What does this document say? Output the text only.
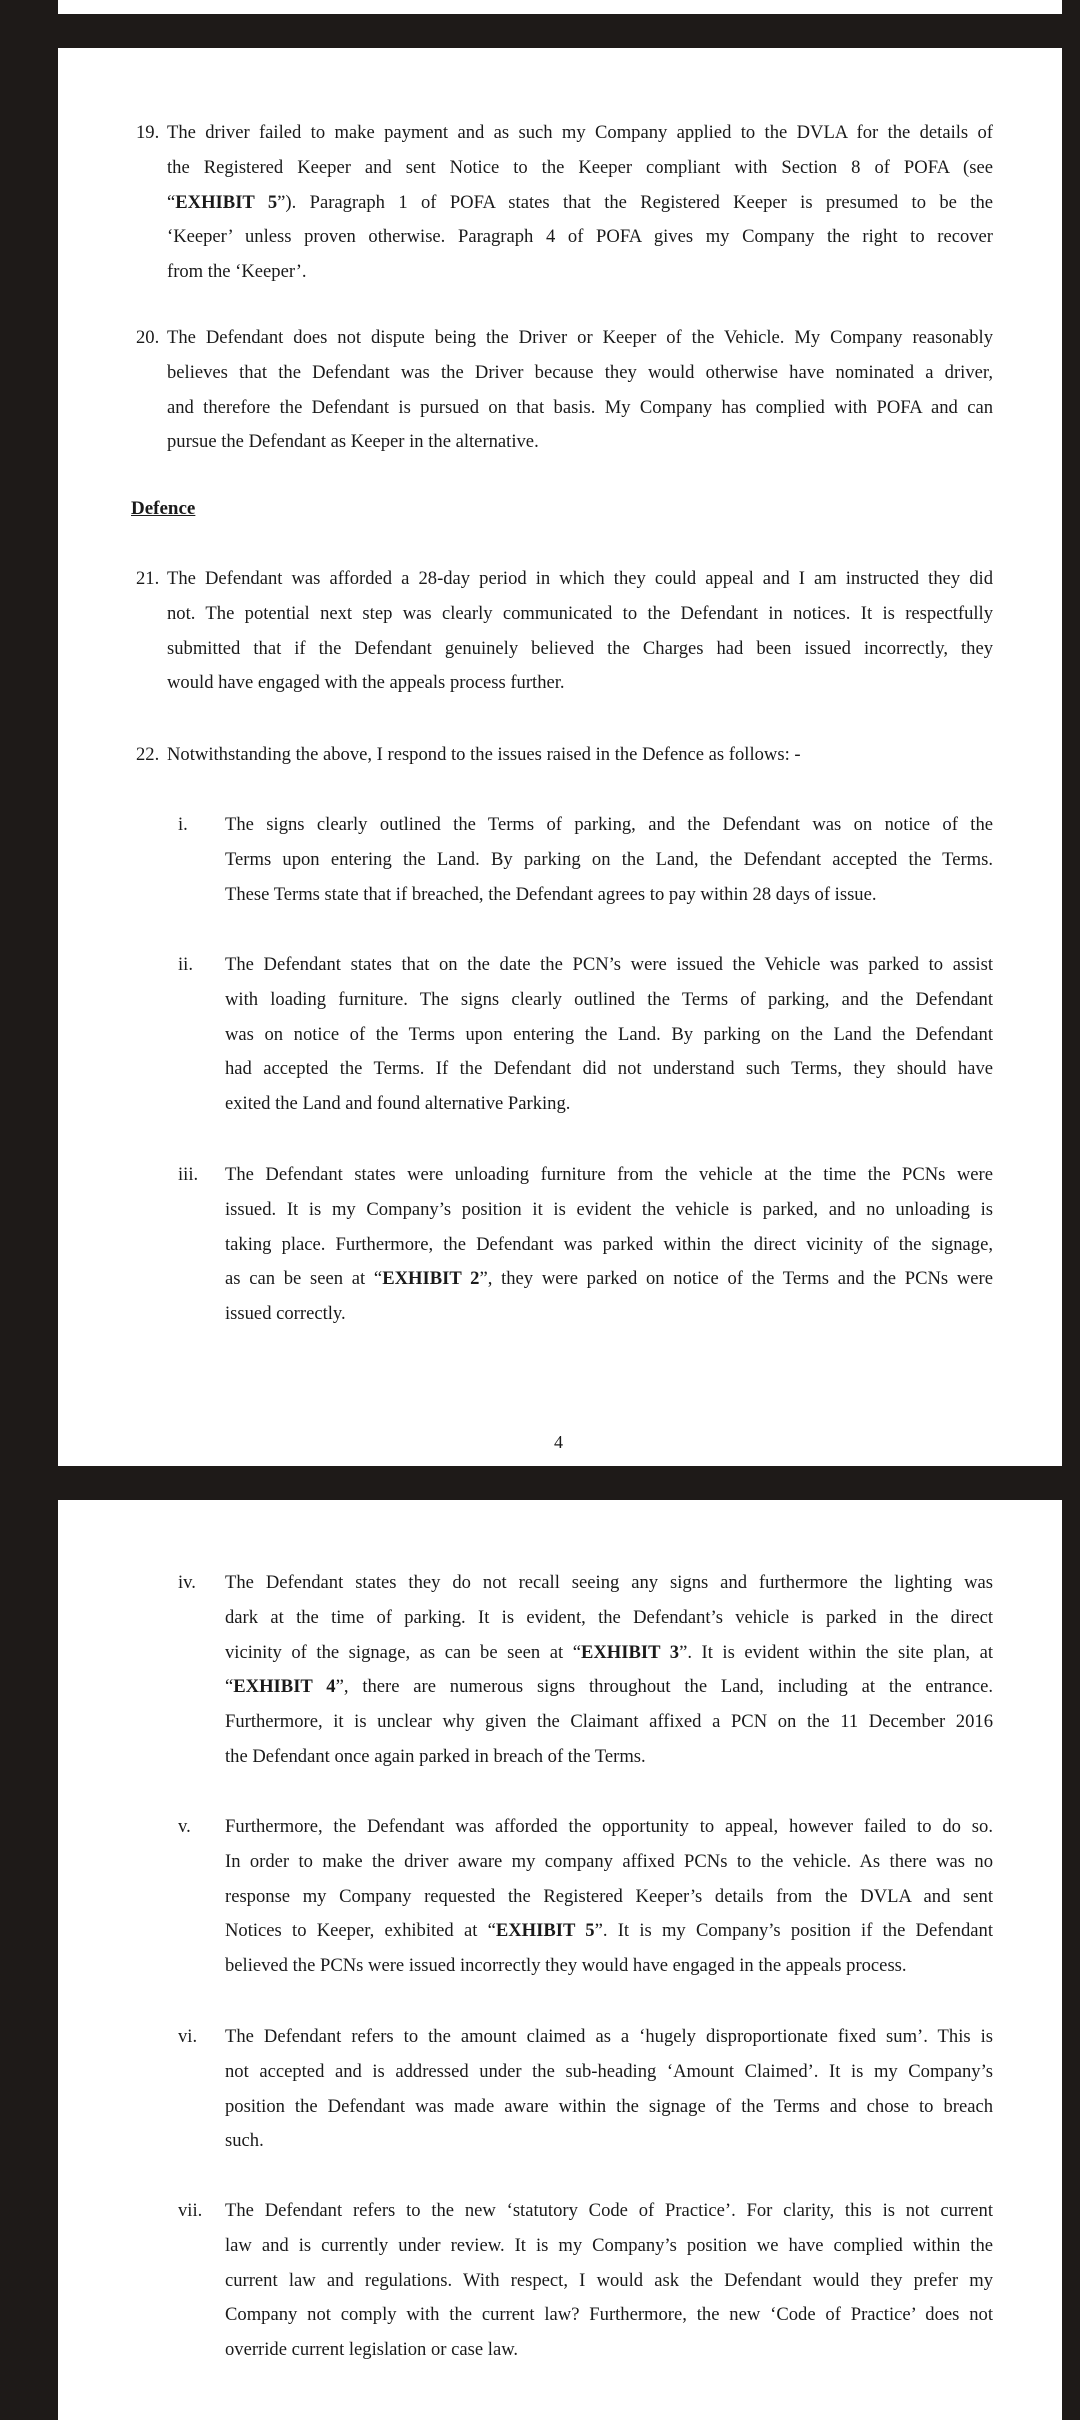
19. The driver failed to make payment and as such my Company applied to the DVLA for the details of
the Registered Keeper and sent Notice to the Keeper compliant with Section 8 of POFA (see
“EXHIBIT 5”). Paragraph 1 of POFA states that the Registered Keeper is presumed to be the
‘Keeper’ unless proven otherwise. Paragraph 4 of POFA gives my Company the right to recover
from the ‘Keeper’.
20. The Defendant does not dispute being the Driver or Keeper of the Vehicle. My Company reasonably
believes that the Defendant was the Driver because they would otherwise have nominated a driver,
and therefore the Defendant is pursued on that basis. My Company has complied with POFA and can
pursue the Defendant as Keeper in the alternative.
Defence
21. The Defendant was afforded a 28-day period in which they could appeal and I am instructed they did
not. The potential next step was clearly communicated to the Defendant in notices. It is respectfully
submitted that if the Defendant genuinely believed the Charges had been issued incorrectly, they
would have engaged with the appeals process further.
22. Notwithstanding the above, I respond to the issues raised in the Defence as follows: -
i. The signs clearly outlined the Terms of parking, and the Defendant was on notice of the
Terms upon entering the Land. By parking on the Land, the Defendant accepted the Terms.
These Terms state that if breached, the Defendant agrees to pay within 28 days of issue.
ii. The Defendant states that on the date the PCN’s were issued the Vehicle was parked to assist
with loading furniture. The signs clearly outlined the Terms of parking, and the Defendant
was on notice of the Terms upon entering the Land. By parking on the Land the Defendant
had accepted the Terms. If the Defendant did not understand such Terms, they should have
exited the Land and found alternative Parking.
iii. The Defendant states were unloading furniture from the vehicle at the time the PCNs were
issued. It is my Company’s position it is evident the vehicle is parked, and no unloading is
taking place. Furthermore, the Defendant was parked within the direct vicinity of the signage,
as can be seen at “EXHIBIT 2”, they were parked on notice of the Terms and the PCNs were
issued correctly.
4
iv. The Defendant states they do not recall seeing any signs and furthermore the lighting was
dark at the time of parking. It is evident, the Defendant’s vehicle is parked in the direct
vicinity of the signage, as can be seen at “EXHIBIT 3”. It is evident within the site plan, at
“EXHIBIT 4”, there are numerous signs throughout the Land, including at the entrance.
Furthermore, it is unclear why given the Claimant affixed a PCN on the 11 December 2016
the Defendant once again parked in breach of the Terms.
v. Furthermore, the Defendant was afforded the opportunity to appeal, however failed to do so.
In order to make the driver aware my company affixed PCNs to the vehicle. As there was no
response my Company requested the Registered Keeper’s details from the DVLA and sent
Notices to Keeper, exhibited at “EXHIBIT 5”. It is my Company’s position if the Defendant
believed the PCNs were issued incorrectly they would have engaged in the appeals process.
vi. The Defendant refers to the amount claimed as a ‘hugely disproportionate fixed sum’. This is
not accepted and is addressed under the sub-heading ‘Amount Claimed’. It is my Company’s
position the Defendant was made aware within the signage of the Terms and chose to breach
such.
vii. The Defendant refers to the new ‘statutory Code of Practice’. For clarity, this is not current
law and is currently under review. It is my Company’s position we have complied within the
current law and regulations. With respect, I would ask the Defendant would they prefer my
Company not comply with the current law? Furthermore, the new ‘Code of Practice’ does not
override current legislation or case law.
